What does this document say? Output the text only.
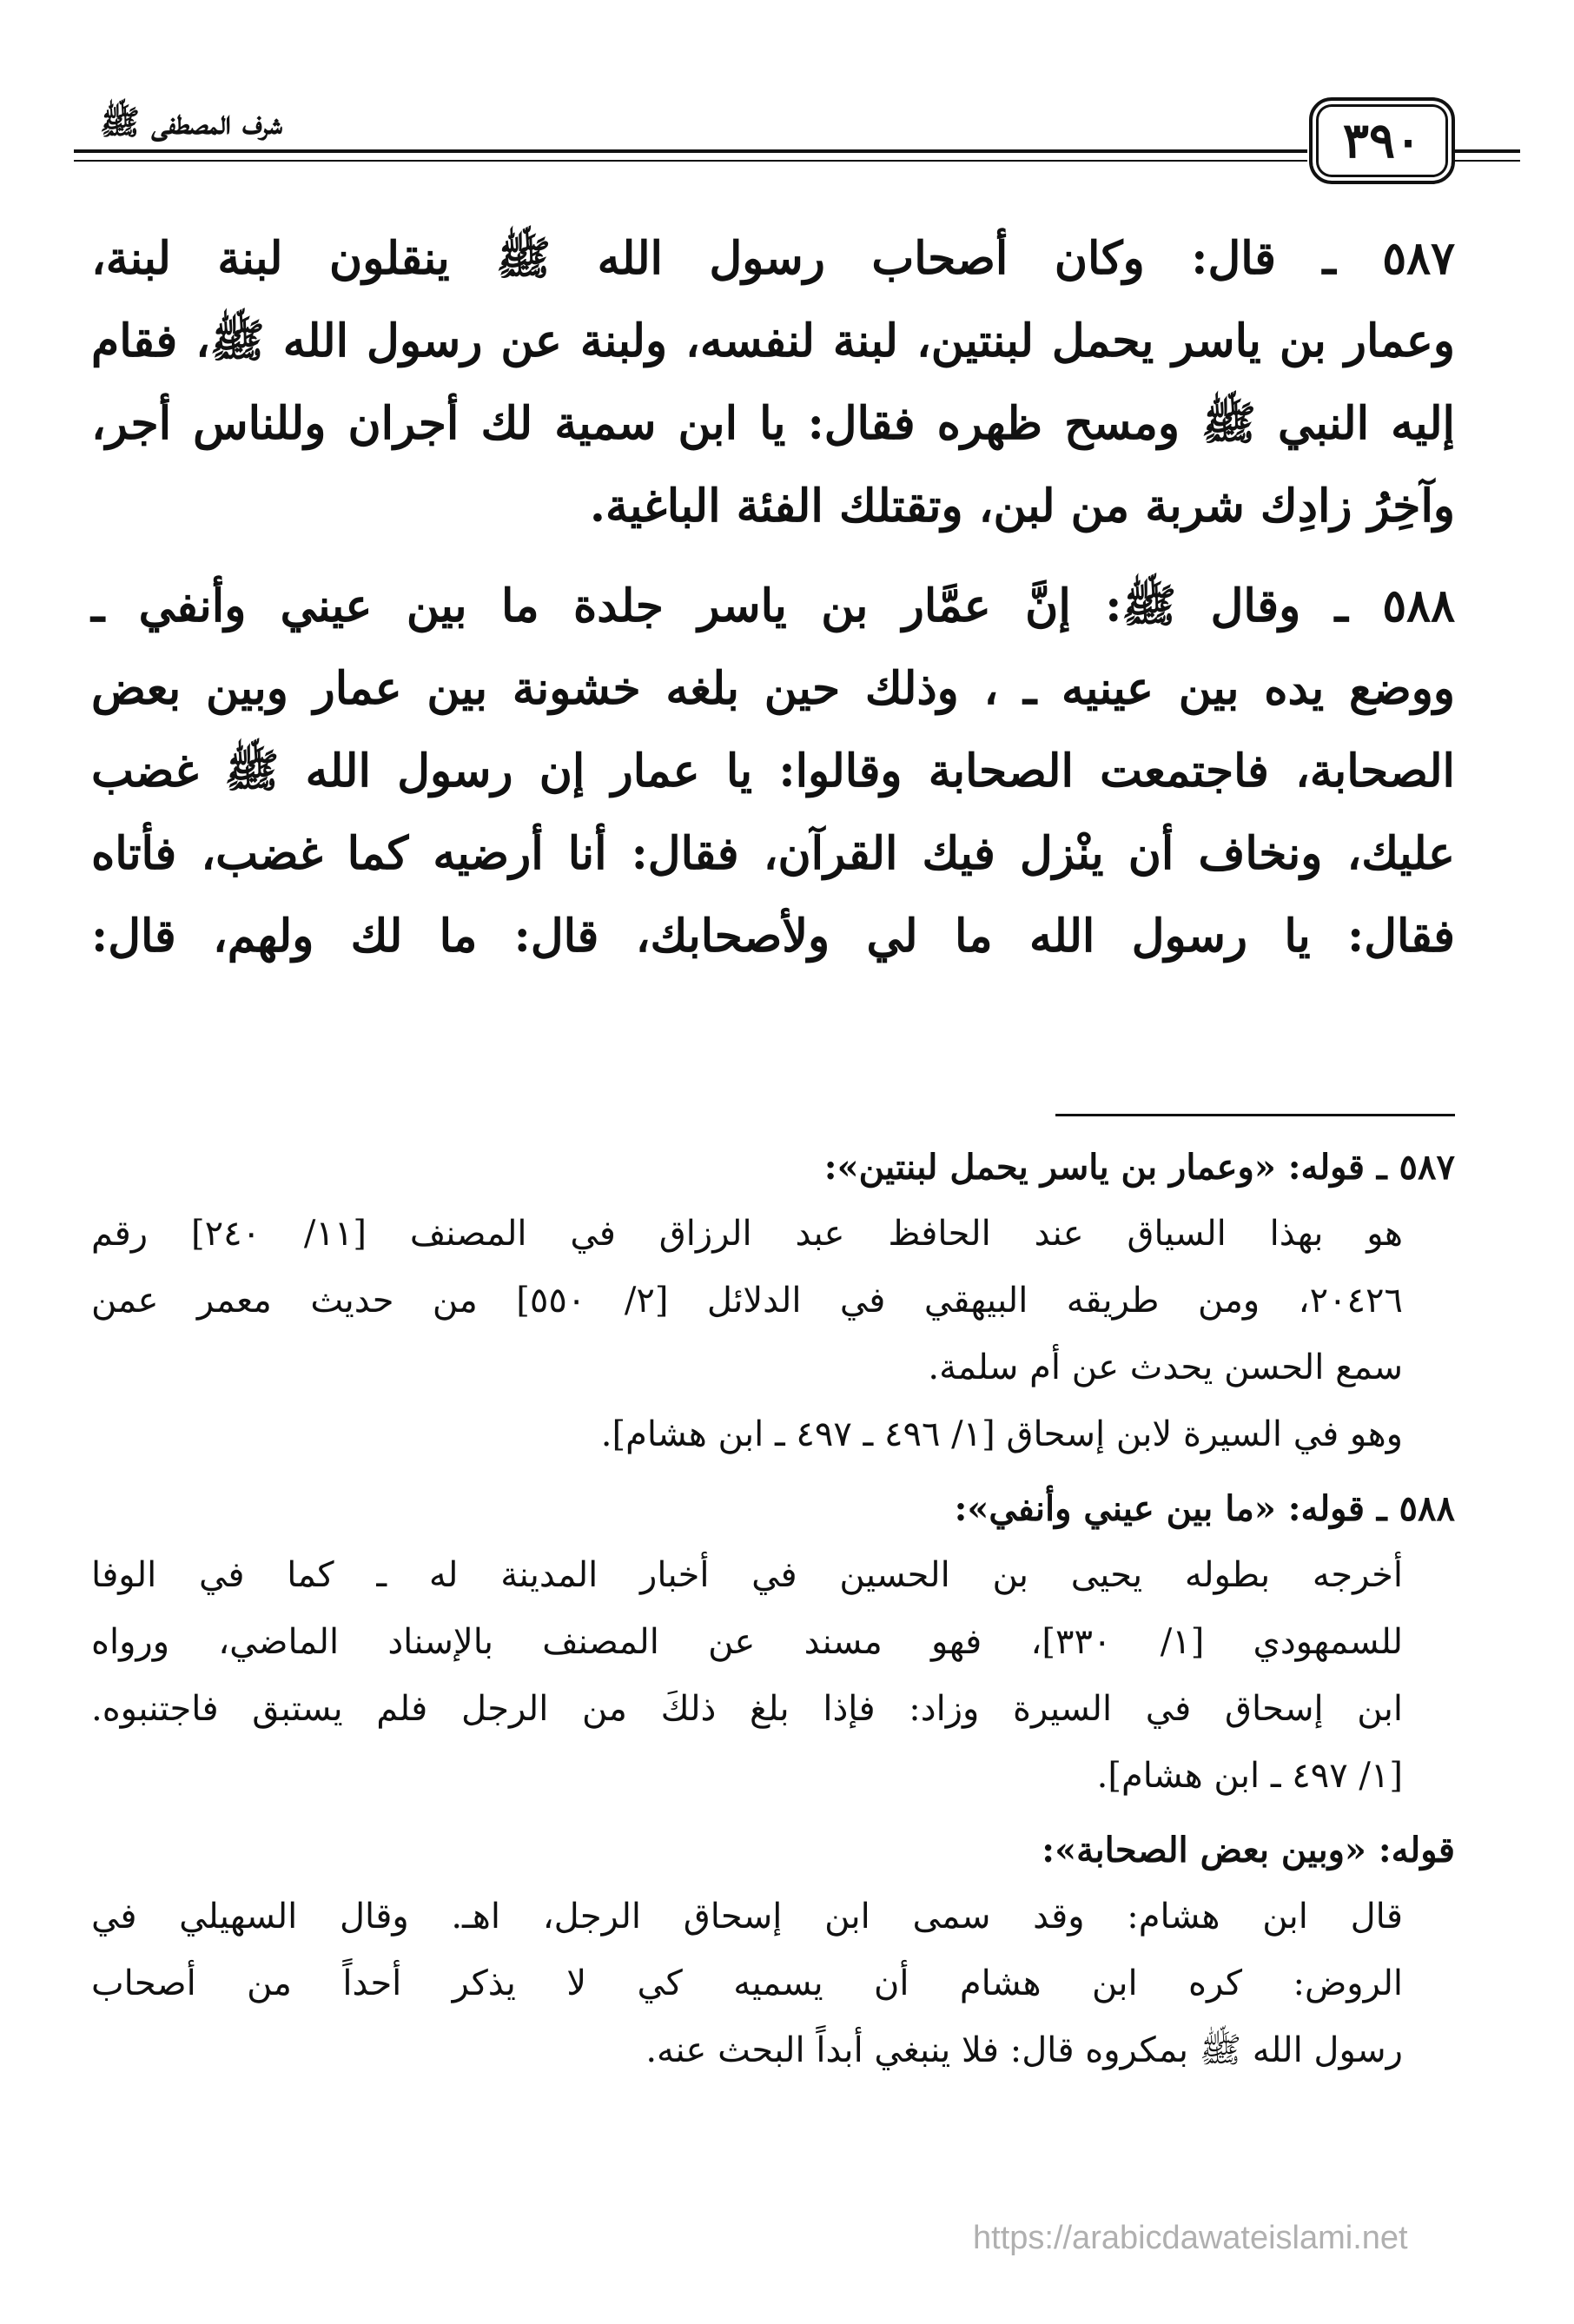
شرف المصطفى ﷺ	٣٩٠

٥٨٧ ـ قال: وكان أصحاب رسول الله ﷺ ينقلون لبنة لبنة،
وعمار بن ياسر يحمل لبنتين، لبنة لنفسه، ولبنة عن رسول الله ﷺ، فقام
إليه النبي ﷺ ومسح ظهره فقال: يا ابن سمية لك أجران وللناس أجر،
وآخِرُ زادِك شربة من لبن، وتقتلك الفئة الباغية.

٥٨٨ ـ وقال ﷺ: إنَّ عمَّار بن ياسر جلدة ما بين عيني وأنفي ـ
ووضع يده بين عينيه ـ ، وذلك حين بلغه خشونة بين عمار وبين بعض
الصحابة، فاجتمعت الصحابة وقالوا: يا عمار إن رسول الله ﷺ غضب
عليك، ونخاف أن ينْزل فيك القرآن، فقال: أنا أرضيه كما غضب، فأتاه
فقال: يا رسول الله ما لي ولأصحابك، قال: ما لك ولهم، قال:

٥٨٧ ـ قوله: «وعمار بن ياسر يحمل لبنتين»:
هو بهذا السياق عند الحافظ عبد الرزاق في المصنف [١١/ ٢٤٠] رقم
٢٠٤٢٦، ومن طريقه البيهقي في الدلائل [٢/ ٥٥٠] من حديث معمر عمن
سمع الحسن يحدث عن أم سلمة.
وهو في السيرة لابن إسحاق [١/ ٤٩٦ ـ ٤٩٧ ـ ابن هشام].
٥٨٨ ـ قوله: «ما بين عيني وأنفي»:
أخرجه بطوله يحيى بن الحسين في أخبار المدينة له ـ كما في الوفا
للسمهودي [١/ ٣٣٠]، فهو مسند عن المصنف بالإسناد الماضي، ورواه
ابن إسحاق في السيرة وزاد: فإذا بلغ ذلكَ من الرجل فلم يستبق فاجتنبوه.
[١/ ٤٩٧ ـ ابن هشام].
قوله: «وبين بعض الصحابة»:
قال ابن هشام: وقد سمى ابن إسحاق الرجل، اهـ. وقال السهيلي في
الروض: كره ابن هشام أن يسميه كي لا يذكر أحداً من أصحاب
رسول الله ﷺ بمكروه قال: فلا ينبغي أبداً البحث عنه.
https://arabicdawateislami.net
